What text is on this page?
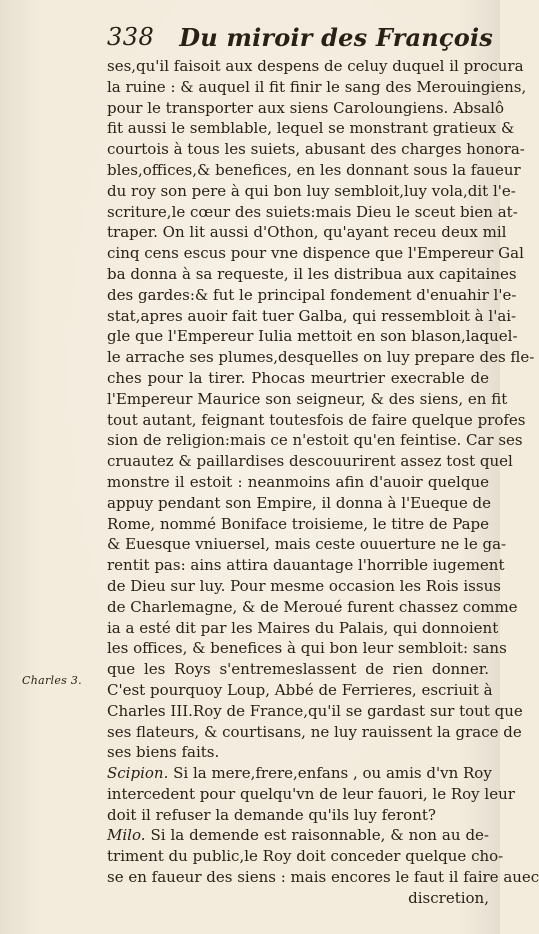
338 Du miroir des François
Charles 3.
ses,qu'il faisoit aux despens de celuy duquel il procura
la ruine : & auquel il fit finir le sang des Merouingiens,
pour le transporter aux siens Caroloungiens. Absalô
fit aussi le semblable, lequel se monstrant gratieux &
courtois à tous les suiets, abusant des charges honora-
bles,offices,& benefices, en les donnant sous la faueur
du roy son pere à qui bon luy sembloit,luy vola,dit l'e-
scriture,le cœur des suiets:mais Dieu le sceut bien at-
traper. On lit aussi d'Othon, qu'ayant receu deux mil
cinq cens escus pour vne dispence que l'Empereur Gal
ba donna à sa requeste, il les distribua aux capitaines
des gardes:& fut le principal fondement d'enuahir l'e-
stat,apres auoir fait tuer Galba, qui ressembloit à l'ai-
gle que l'Empereur Iulia mettoit en son blason,laquel-
le arrache ses plumes,desquelles on luy prepare des fle-
ches pour la tirer. Phocas meurtrier execrable de
l'Empereur Maurice son seigneur, & des siens, en fit
tout autant, feignant toutesfois de faire quelque profes
sion de religion:mais ce n'estoit qu'en feintise. Car ses
cruautez & paillardises descouurirent assez tost quel
monstre il estoit : neanmoins afin d'auoir quelque
appuy pendant son Empire, il donna à l'Eueque de
Rome, nommé Boniface troisieme, le titre de Pape
& Euesque vniuersel, mais ceste ouuerture ne le ga-
rentit pas: ains attira dauantage l'horrible iugement
de Dieu sur luy. Pour mesme occasion les Rois issus
de Charlemagne, & de Meroué furent chassez comme
ia a esté dit par les Maires du Palais, qui donnoient
les offices, & benefices à qui bon leur sembloit: sans
que les Roys s'entremeslassent de rien donner.
C'est pourquoy Loup, Abbé de Ferrieres, escriuit à
Charles III.Roy de France,qu'il se gardast sur tout que
ses flateurs, & courtisans, ne luy rauissent la grace de
ses biens faits.
Scipion. Si la mere,frere,enfans , ou amis d'vn Roy
intercedent pour quelqu'vn de leur fauori, le Roy leur
doit il refuser la demande qu'ils luy feront?
Milo. Si la demende est raisonnable, & non au de-
triment du public,le Roy doit conceder quelque cho-
se en faueur des siens : mais encores le faut il faire auec
discretion,
